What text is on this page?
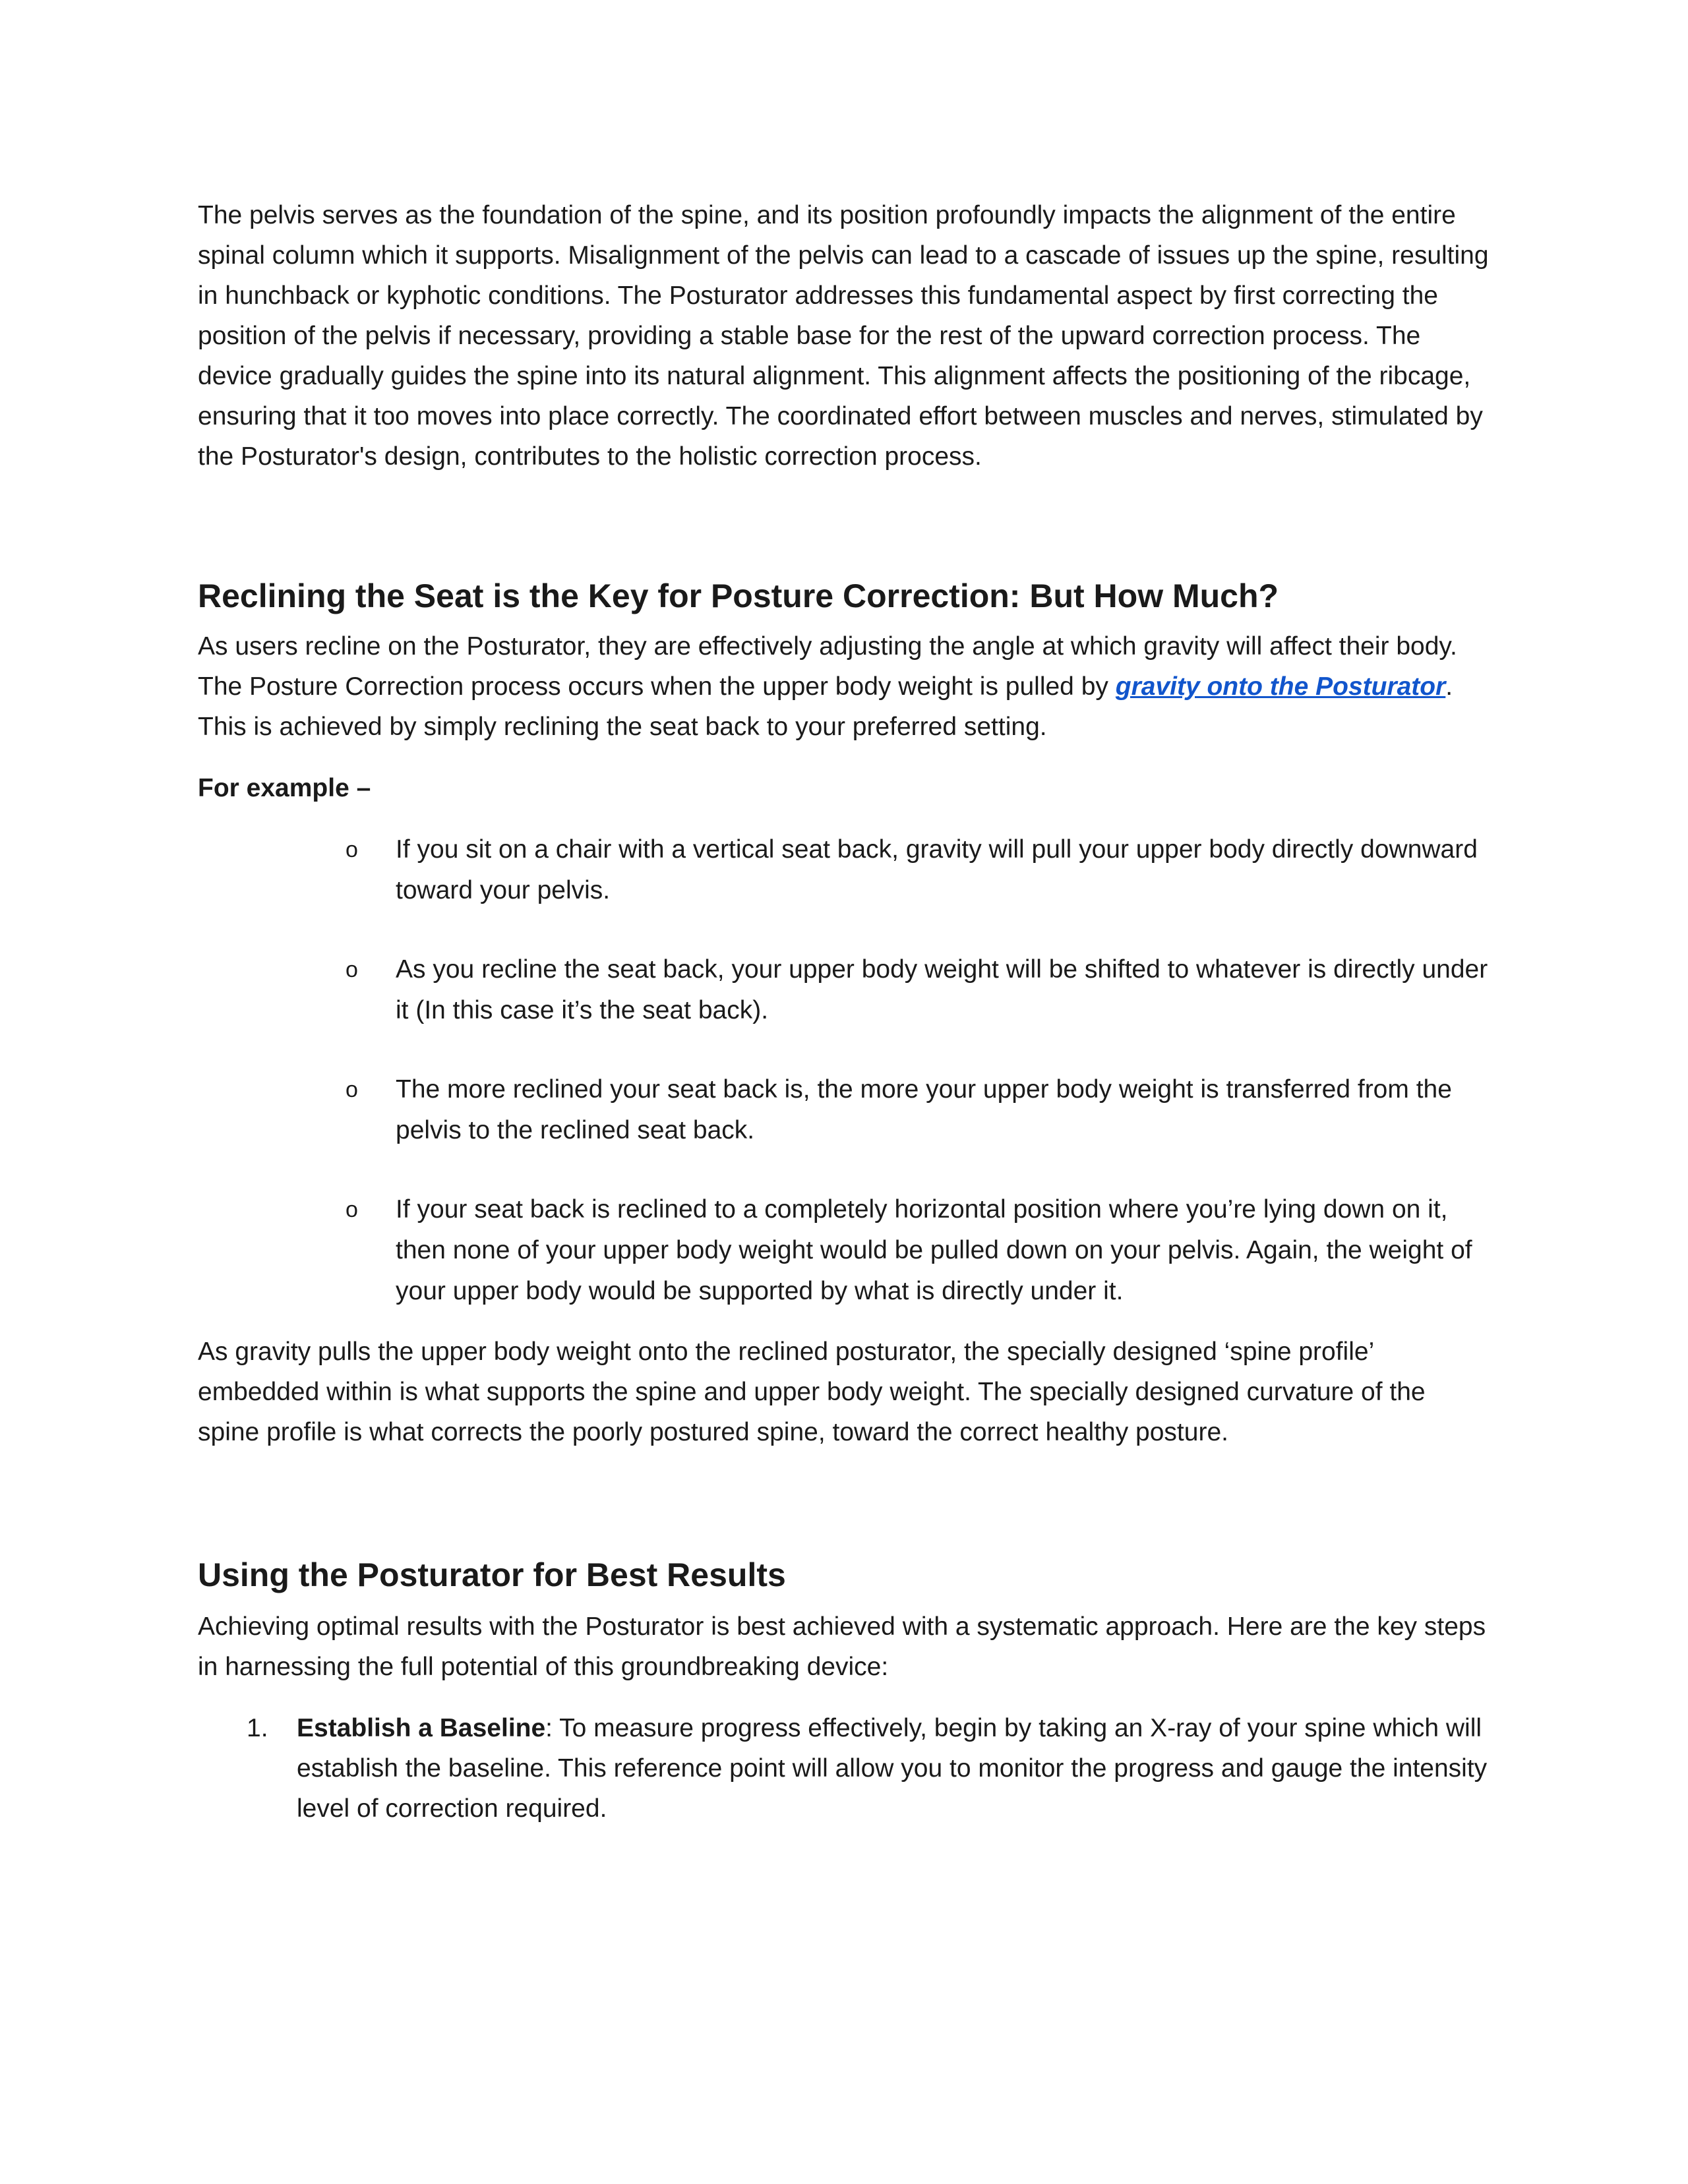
The pelvis serves as the foundation of the spine, and its position profoundly impacts the alignment of the entire spinal column which it supports. Misalignment of the pelvis can lead to a cascade of issues up the spine, resulting in hunchback or kyphotic conditions. The Posturator addresses this fundamental aspect by first correcting the position of the pelvis if necessary, providing a stable base for the rest of the upward correction process. The device gradually guides the spine into its natural alignment. This alignment affects the positioning of the ribcage, ensuring that it too moves into place correctly. The coordinated effort between muscles and nerves, stimulated by the Posturator's design, contributes to the holistic correction process.

Reclining the Seat is the Key for Posture Correction: But How Much?

As users recline on the Posturator, they are effectively adjusting the angle at which gravity will affect their body. The Posture Correction process occurs when the upper body weight is pulled by gravity onto the Posturator. This is achieved by simply reclining the seat back to your preferred setting.

For example –

o If you sit on a chair with a vertical seat back, gravity will pull your upper body directly downward toward your pelvis.
o As you recline the seat back, your upper body weight will be shifted to whatever is directly under it (In this case it’s the seat back).
o The more reclined your seat back is, the more your upper body weight is transferred from the pelvis to the reclined seat back.
o If your seat back is reclined to a completely horizontal position where you’re lying down on it, then none of your upper body weight would be pulled down on your pelvis. Again, the weight of your upper body would be supported by what is directly under it.

As gravity pulls the upper body weight onto the reclined posturator, the specially designed ‘spine profile’ embedded within is what supports the spine and upper body weight. The specially designed curvature of the spine profile is what corrects the poorly postured spine, toward the correct healthy posture.

Using the Posturator for Best Results

Achieving optimal results with the Posturator is best achieved with a systematic approach. Here are the key steps in harnessing the full potential of this groundbreaking device:

1. Establish a Baseline: To measure progress effectively, begin by taking an X-ray of your spine which will establish the baseline. This reference point will allow you to monitor the progress and gauge the intensity level of correction required.
